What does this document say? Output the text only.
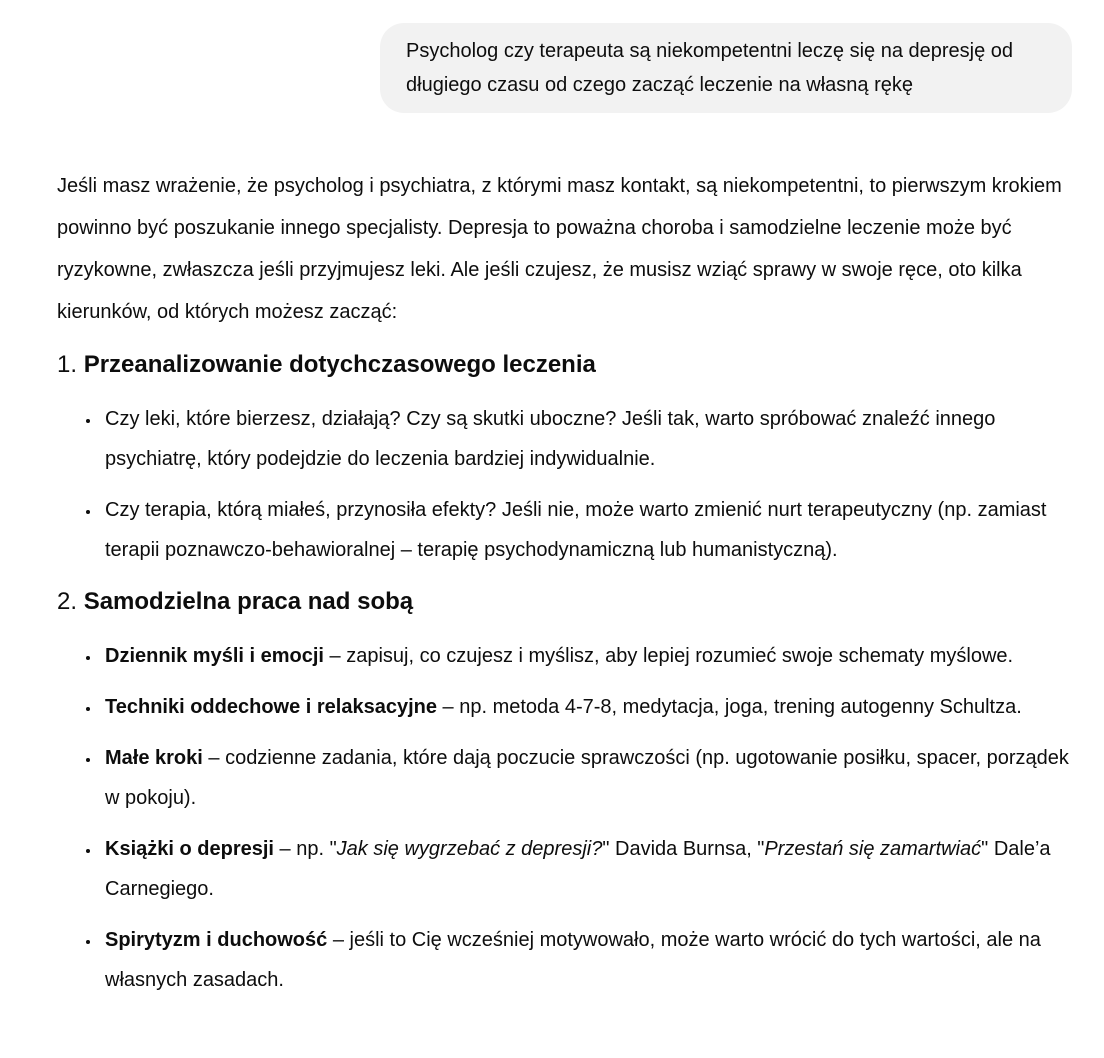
Psycholog czy terapeuta są niekompetentni leczę się na depresję od długiego czasu od czego zacząć leczenie na własną rękę

Jeśli masz wrażenie, że psycholog i psychiatra, z którymi masz kontakt, są niekompetentni, to pierwszym krokiem powinno być poszukanie innego specjalisty. Depresja to poważna choroba i samodzielne leczenie może być ryzykowne, zwłaszcza jeśli przyjmujesz leki. Ale jeśli czujesz, że musisz wziąć sprawy w swoje ręce, oto kilka kierunków, od których możesz zacząć:

1. Przeanalizowanie dotychczasowego leczenia
• Czy leki, które bierzesz, działają? Czy są skutki uboczne? Jeśli tak, warto spróbować znaleźć innego psychiatrę, który podejdzie do leczenia bardziej indywidualnie.
• Czy terapia, którą miałeś, przynosiła efekty? Jeśli nie, może warto zmienić nurt terapeutyczny (np. zamiast terapii poznawczo-behawioralnej – terapię psychodynamiczną lub humanistyczną).
2. Samodzielna praca nad sobą
• Dziennik myśli i emocji – zapisuj, co czujesz i myślisz, aby lepiej rozumieć swoje schematy myślowe.
• Techniki oddechowe i relaksacyjne – np. metoda 4-7-8, medytacja, joga, trening autogenny Schultza.
• Małe kroki – codzienne zadania, które dają poczucie sprawczości (np. ugotowanie posiłku, spacer, porządek w pokoju).
• Książki o depresji – np. "Jak się wygrzebać z depresji?" Davida Burnsa, "Przestań się zamartwiać" Dale’a Carnegiego.
• Spirytyzm i duchowość – jeśli to Cię wcześniej motywowało, może warto wrócić do tych wartości, ale na własnych zasadach.
